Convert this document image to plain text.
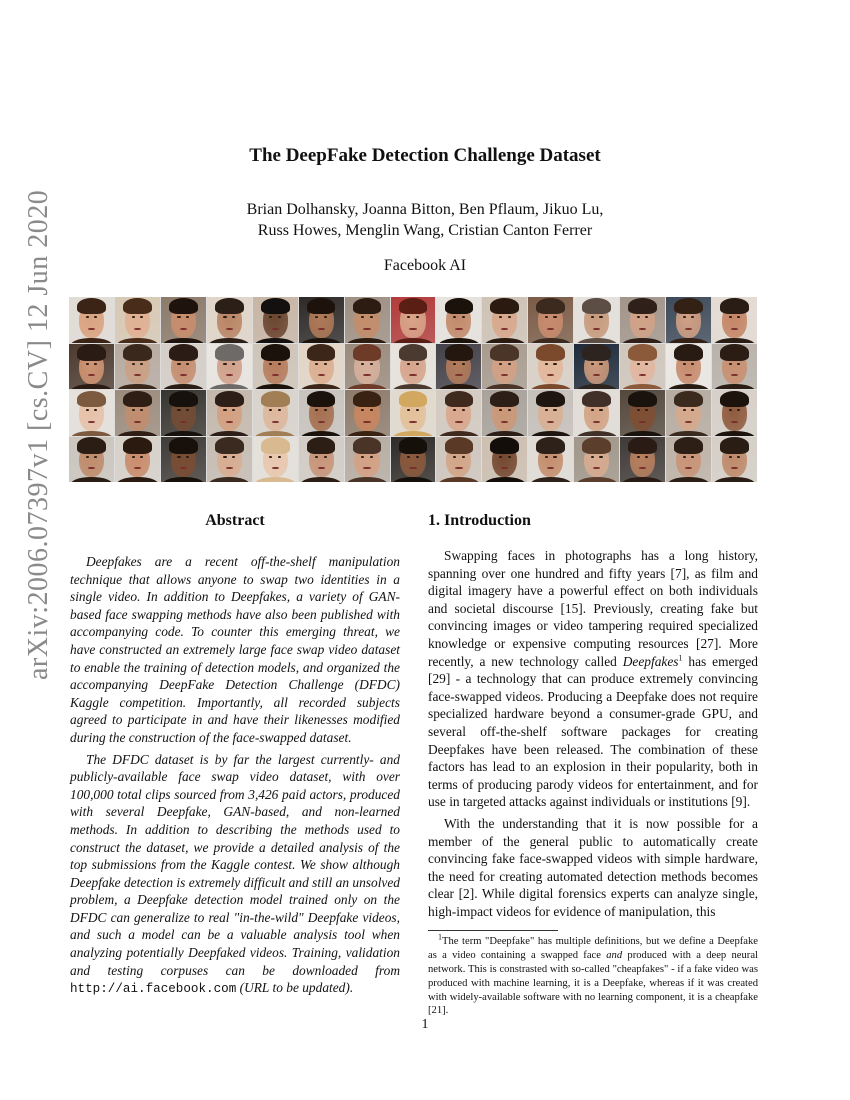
The DeepFake Detection Challenge Dataset
Brian Dolhansky, Joanna Bitton, Ben Pflaum, Jikuo Lu,
Russ Howes, Menglin Wang, Cristian Canton Ferrer
Facebook AI
arXiv:2006.07397v1 [cs.CV] 12 Jun 2020	Abstract

Deepfakes are a recent off-the-shelf manipulation technique that allows anyone to swap two identities in a single video. In addition to Deepfakes, a variety of GAN-based face swapping methods have also been published with accompanying code. To counter this emerging threat, we have constructed an extremely large face swap video dataset to enable the training of detection models, and organized the accompanying DeepFake Detection Challenge (DFDC) Kaggle competition. Importantly, all recorded subjects agreed to participate in and have their likenesses modified during the construction of the face-swapped dataset.

The DFDC dataset is by far the largest currently- and publicly-available face swap video dataset, with over 100,000 total clips sourced from 3,426 paid actors, produced with several Deepfake, GAN-based, and non-learned methods. In addition to describing the methods used to construct the dataset, we provide a detailed analysis of the top submissions from the Kaggle contest. We show although Deepfake detection is extremely difficult and still an unsolved problem, a Deepfake detection model trained only on the DFDC can generalize to real "in-the-wild" Deepfake videos, and such a model can be a valuable analysis tool when analyzing potentially Deepfaked videos. Training, validation and testing corpuses can be downloaded from http://ai.facebook.com (URL to be updated).

1. Introduction

Swapping faces in photographs has a long history, spanning over one hundred and fifty years [7], as film and digital imagery have a powerful effect on both individuals and societal discourse [15]. Previously, creating fake but convincing images or video tampering required specialized knowledge or expensive computing resources [27]. More recently, a new technology called Deepfakes$^1$ has emerged [29] - a technology that can produce extremely convincing face-swapped videos. Producing a Deepfake does not require specialized hardware beyond a consumer-grade GPU, and several off-the-shelf software packages for creating Deepfakes have been released. The combination of these factors has lead to an explosion in their popularity, both in terms of producing parody videos for entertainment, and for use in targeted attacks against individuals or institutions [9].

With the understanding that it is now possible for a member of the general public to automatically create convincing fake face-swapped videos with simple hardware, the need for creating automated detection methods becomes clear [2]. While digital forensics experts can analyze single, high-impact videos for evidence of manipulation, this

$^1$The term "Deepfake" has multiple definitions, but we define a Deepfake as a video containing a swapped face and produced with a deep neural network. This is constrasted with so-called "cheapfakes" - if a fake video was produced with machine learning, it is a Deepfake, whereas if it was created with widely-available software with no learning component, it is a cheapfake [21].

1
